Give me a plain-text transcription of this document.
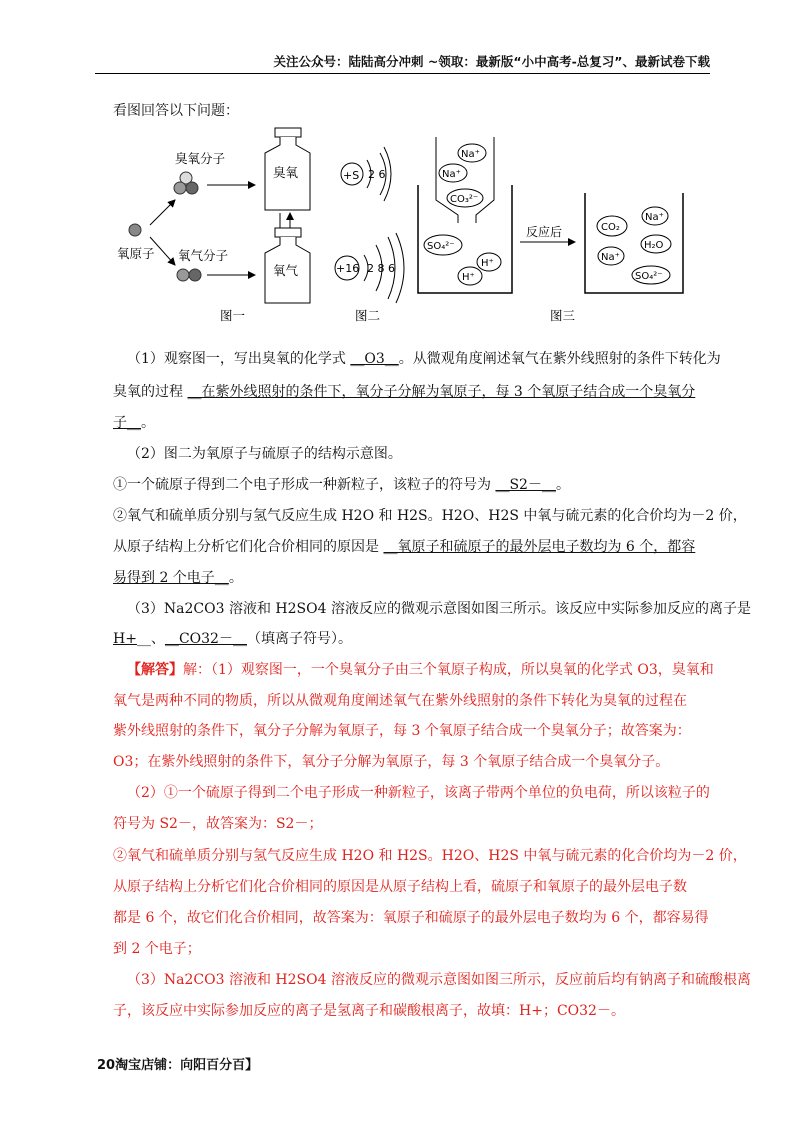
关注公众号：陆陆高分冲刺 ~领取：最新版“小中高考-总复习”、最新试卷下载
看图回答以下问题：
臭氧分子
氧原子 氧气分子
臭氧
氧气
图一
+S 2 6
+16 2 8 6
图二
Na⁺
Na⁺
CO₃²⁻
SO₄²⁻
H⁺
H⁺
反应后	CO₂
Na⁺
H₂O
Na⁺
SO₄²⁻
图三
（1）观察图一，写出臭氧的化学式 __O3__。从微观角度阐述氧气在紫外线照射的条件下转化为
臭氧的过程 __在紫外线照射的条件下，氧分子分解为氧原子，每 3 个氧原子结合成一个臭氧分
子__。
（2）图二为氧原子与硫原子的结构示意图。
①一个硫原子得到二个电子形成一种新粒子，该粒子的符号为 __S2－__。
②氧气和硫单质分别与氢气反应生成 H2O 和 H2S。H2O、H2S 中氧与硫元素的化合价均为－2 价，
从原子结构上分析它们化合价相同的原因是 __氧原子和硫原子的最外层电子数均为 6 个，都容
易得到 2 个电子__。
（3）Na2CO3 溶液和 H2SO4 溶液反应的微观示意图如图三所示。该反应中实际参加反应的离子是
H+__、__CO32－__（填离子符号）。
【解答】解：（1）观察图一，一个臭氧分子由三个氧原子构成，所以臭氧的化学式 O3，臭氧和
氧气是两种不同的物质，所以从微观角度阐述氧气在紫外线照射的条件下转化为臭氧的过程在
紫外线照射的条件下，氧分子分解为氧原子，每 3 个氧原子结合成一个臭氧分子；故答案为：
O3；在紫外线照射的条件下，氧分子分解为氧原子，每 3 个氧原子结合成一个臭氧分子。
（2）①一个硫原子得到二个电子形成一种新粒子，该离子带两个单位的负电荷，所以该粒子的
符号为 S2－，故答案为：S2－；
②氧气和硫单质分别与氢气反应生成 H2O 和 H2S。H2O、H2S 中氧与硫元素的化合价均为－2 价，
从原子结构上分析它们化合价相同的原因是从原子结构上看，硫原子和氧原子的最外层电子数
都是 6 个，故它们化合价相同，故答案为：氧原子和硫原子的最外层电子数均为 6 个，都容易得
到 2 个电子；
（3）Na2CO3 溶液和 H2SO4 溶液反应的微观示意图如图三所示，反应前后均有钠离子和硫酸根离
子，该反应中实际参加反应的离子是氢离子和碳酸根离子，故填：H+；CO32－。
20淘宝店铺：向阳百分百】
